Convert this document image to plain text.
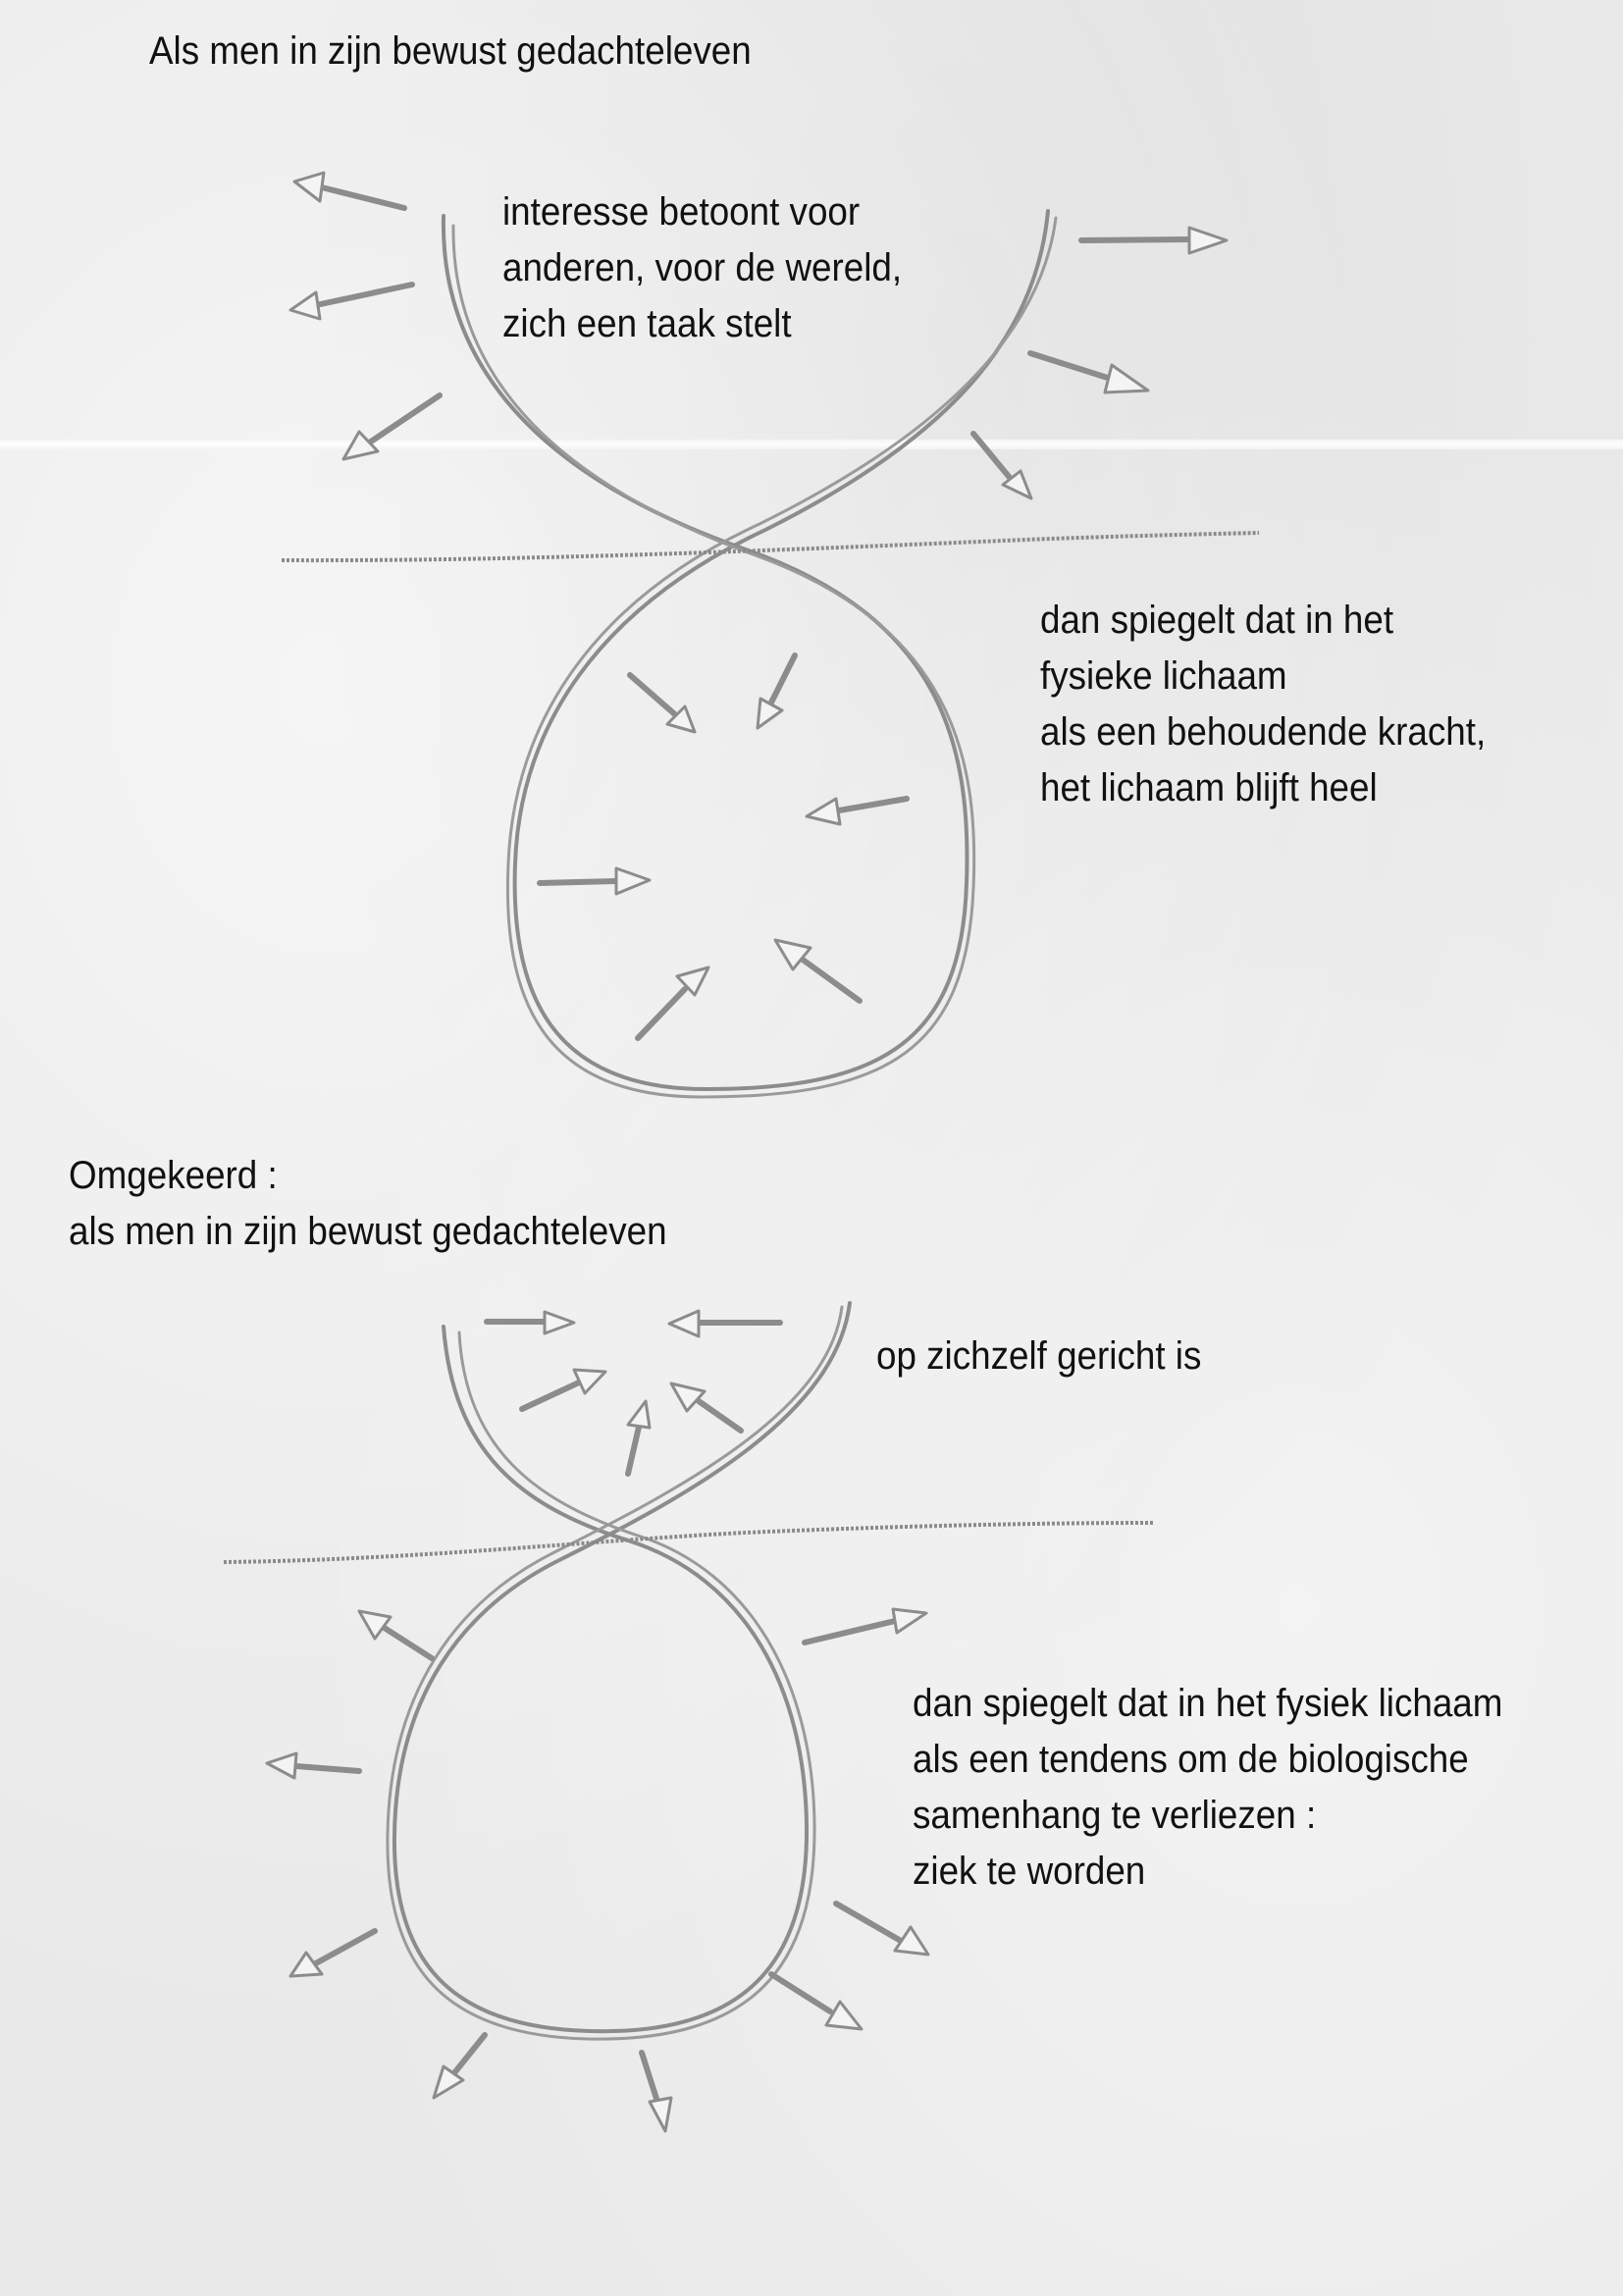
Als men in zijn bewust gedachteleven
interesse betoont voor
anderen, voor de wereld,
zich een taak stelt
dan spiegelt dat in het
fysieke lichaam
als een behoudende kracht,
het lichaam blijft heel
Omgekeerd :
als men in zijn bewust gedachteleven
op zichzelf gericht is
dan spiegelt dat in het fysiek lichaam
als een tendens om de biologische
samenhang te verliezen :
ziek te worden
